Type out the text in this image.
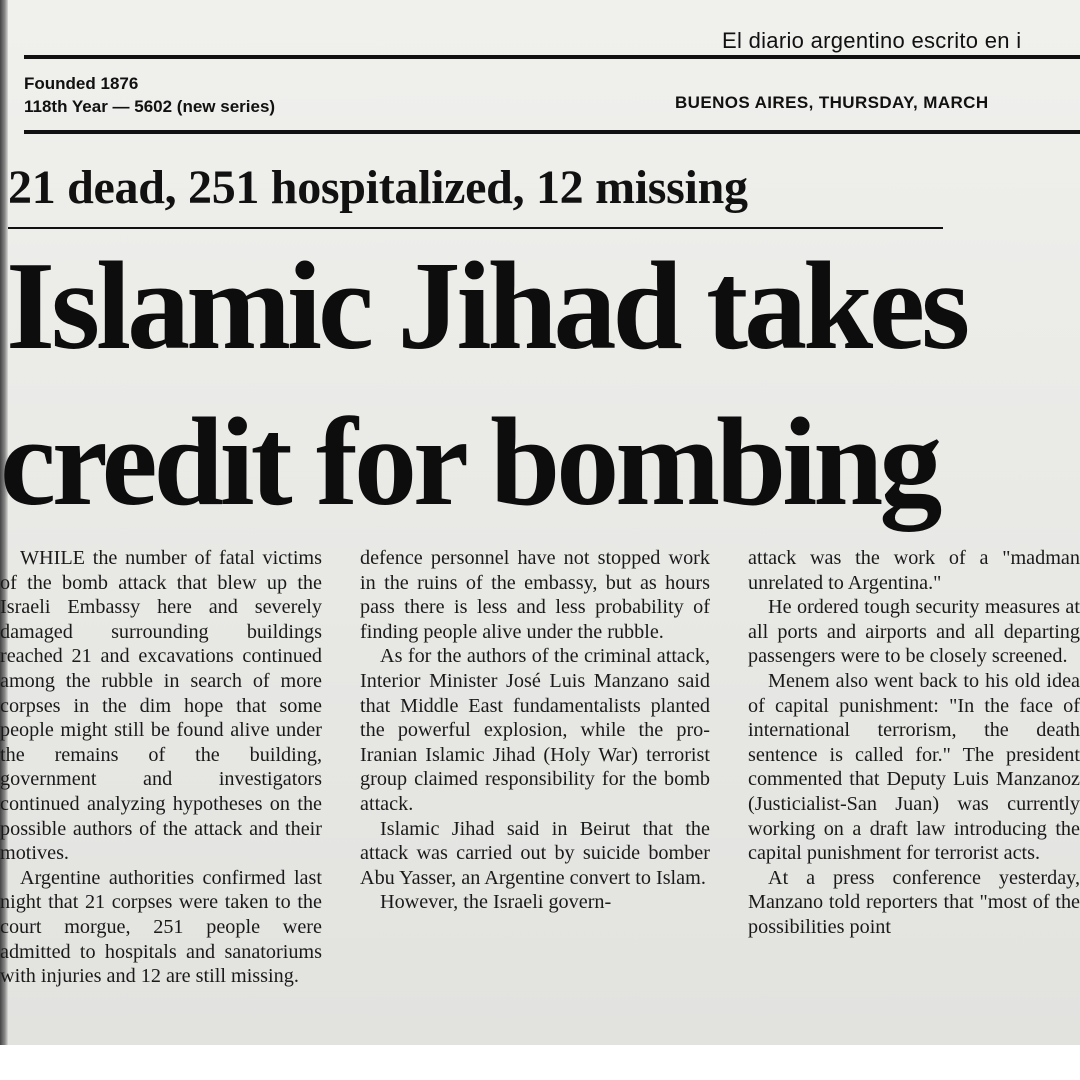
El diario argentino escrito en i
Founded 1876
118th Year — 5602 (new series)	BUENOS AIRES, THURSDAY, MARCH
21 dead, 251 hospitalized, 12 missing
Islamic Jihad takes
credit for bombing

WHILE the number of fatal victims of the bomb attack that blew up the Israeli Embassy here and severely damaged surrounding buildings reached 21 and excavations continued among the rubble in search of more corpses in the dim hope that some people might still be found alive under the remains of the building, government and investigators continued analyzing hypotheses on the possible authors of the attack and their motives.

Argentine authorities confirmed last night that 21 corpses were taken to the court morgue, 251 people were admitted to hospitals and sanatoriums with injuries and 12 are still missing.

defence personnel have not stopped work in the ruins of the embassy, but as hours pass there is less and less probability of finding people alive under the rubble.

As for the authors of the criminal attack, Interior Minister José Luis Manzano said that Middle East fundamentalists planted the powerful explosion, while the pro-Iranian Islamic Jihad (Holy War) terrorist group claimed responsibility for the bomb attack.

Islamic Jihad said in Beirut that the attack was carried out by suicide bomber Abu Yasser, an Argentine convert to Islam.

However, the Israeli govern-

attack was the work of a "madman unrelated to Argentina."

He ordered tough security measures at all ports and airports and all departing passengers were to be closely screened.

Menem also went back to his old idea of capital punishment: "In the face of international terrorism, the death sentence is called for." The president commented that Deputy Luis Manzanoz (Justicialist-San Juan) was currently working on a draft law introducing the capital punishment for terrorist acts.

At a press conference yesterday, Manzano told reporters that "most of the possibilities point
